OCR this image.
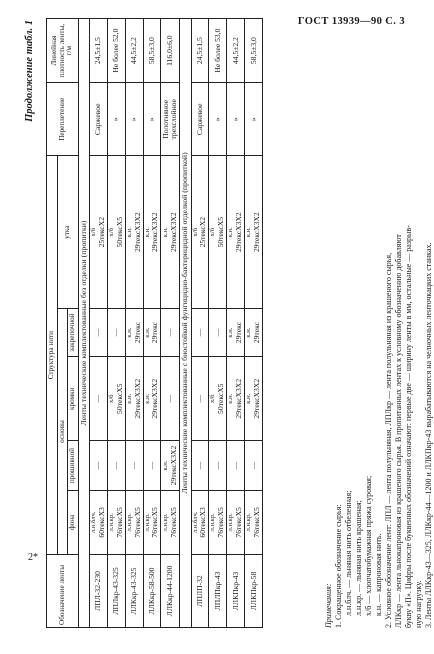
ГОСТ 13939—90 С. 3
2*
Продолжение табл. 1
Обозначение ленты	Структура нити					Переплетение	Линейная плотность ленты, г/м
	основы				утка		
	фона	прошивной	кромки	закрепочной			
Ленты технические комплектованные без отделки (пропитки)							
ЛПЛ-32-230	л.н.блч. 60тексХ3	—	—	—	х/б 25тексХ2	Саржевое	24,5±1,5
ЛПЛкр-43-325	л.н.кр. 76тексХ5	—	х/б 50тексХ5	—	х/б 50тексХ5	»	Не более 52,0
ЛЛКкр-43-325	л.н.кр. 76тексХ5	—	к.н. 29тексХ3Х2	к.н. 29текс	к.н. 29тексХ3Х2	»	44,5±2,2
ЛЛКкр-58-500	л.н.кр. 76тексХ5	—	к.н. 29тексХ3Х2	к.н. 29текс	к.н. 29тексХ3Х2	»	58,5±3,0
ЛЛКкр-44-1200	л.н.кр. 76тексХ5	к.н. 29тексХ3Х2	—	—	к.н. 29тексХ3Х2	Полотняное трехслойное	116,0±6,0
Ленты технические комплектованные с биостойкой фунгицидно-бактерицидной отделкой (пропиткой)							
ЛПЛП-32	л.н.блч. 60тексХ3	—	—	—	х/б 25тексХ2	Саржевое	24,5±1,5
ЛПЛПкр-43	л.н.кр. 76тексХ5	—	х/б 50тексХ5	—	х/б 50тексХ5	»	Не более 53,0
ЛЛКПкр-43	л.н.кр. 76тексХ5	—	к.н. 29тексХ3Х2	к.н. 29текс	к.н. 29тексХ3Х2	»	44,5±2,2
ЛЛКПкр-58	л.н.кр. 76тексХ5	—	к.н. 29тексХ3Х2	к.н. 29текс	к.н. 29тексХ3Х2	»	58,5±3,0

Примечания: 1. Сокращенное обозначение сырья: л.н.блч. — льняная нить отбеленная; л.н.кр. — льняная нить крашеная; х/б — хлопчатобумажная пряжа суровая; к.н. — капроновая нить. 2. Условное обозначение лент: ЛПЛ — лента полульняная, ЛПЛкр — лента полульняная из крашеного сырья, ЛЛКкр — лента льнокапроновая из крашеного сырья. В пропитанных лентах к условному обозначению добавляют букву «П». Цифры после буквенных обозначений означают: первые две — ширину ленты в мм, остальные — разрыв- ную нагрузку. 3. Ленты ЛЛКкр-43—325, ЛЛКкр-44—1200 и ЛЛКПкр-43 вырабатываются на челночных ленточкацких станках.
